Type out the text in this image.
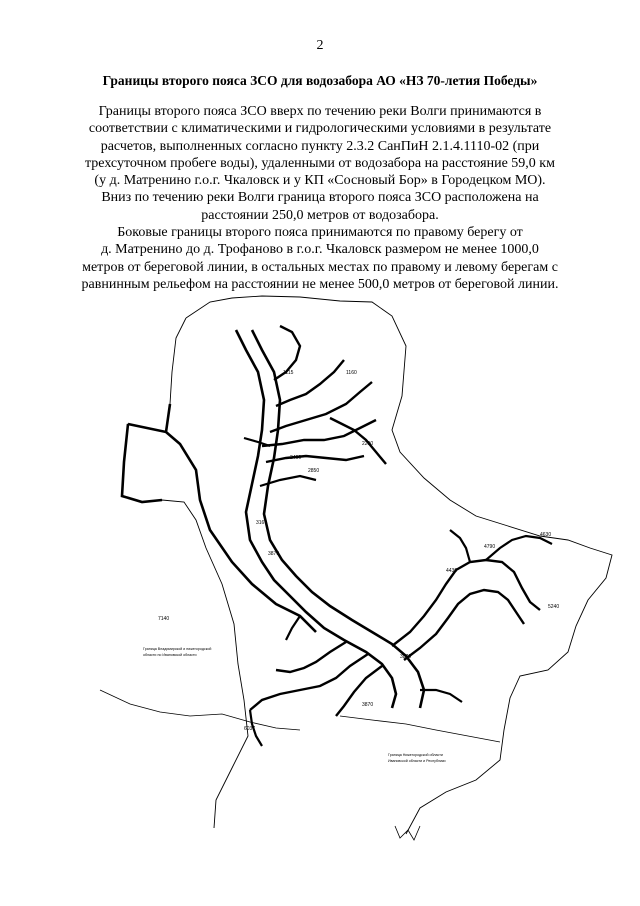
2
Границы второго пояса ЗСО для водозабора АО «НЗ 70-летия Победы»
Границы второго пояса ЗСО вверх по течению реки Волги принимаются в
соответствии с климатическими и гидрологическими условиями в результате
расчетов, выполненных согласно пункту 2.3.2 СанПиН 2.1.4.1110-02 (при
трехсуточном пробеге воды), удаленными от водозабора на расстояние 59,0 км
(у д. Матренино г.о.г. Чкаловск и у КП «Сосновый Бор» в Городецком МО).
Вниз по течению реки Волги граница второго пояса ЗСО расположена на
расстоянии 250,0 метров от водозабора.
Боковые границы второго пояса принимаются по правому берегу от
д. Матренино до д. Трофаново в г.о.г. Чкаловск размером не менее 1000,0
метров от береговой линии, в остальных местах по правому и левому берегам с
равнинным рельефом на расстоянии не менее 500,0 метров от береговой линии.
1115	1160
2460
2200
2850
316
3870
4790
4630
4430
5240
7140
3870
6037
3870
Граница Владимирской и нижегородской
области по Ивановской области
Граница Нижегородской области
Ивановской области и Республики
